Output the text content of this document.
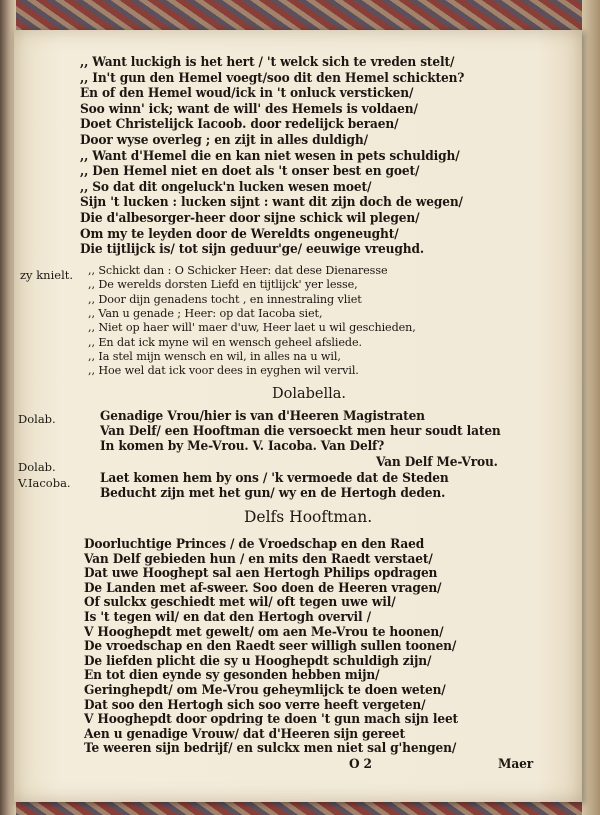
,, Want luckigh is het hert / 't welck sich te vreden stelt/
,, In't gun den Hemel voegt/soo dit den Hemel schickten?
En of den Hemel woud/ick in 't onluck versticken/
Soo winn' ick; want de will' des Hemels is voldaen/
Doet Christelijck Iacoob. door redelijck beraen/
Door wyse overleg ; en zijt in alles duldigh/
,, Want d'Hemel die en kan niet wesen in pets schuldigh/
,, Den Hemel niet en doet als 't onser best en goet/
,, So dat dit ongeluck'n lucken wesen moet/
Sijn 't lucken : lucken sijnt : want dit zijn doch de wegen/
Die d'albesorger-heer door sijne schick wil plegen/
Om my te leyden door de Wereldts ongeneught/
Die tijtlijck is/ tot sijn geduur'ge/ eeuwige vreughd.
zy knielt. ,, Schickt dan : O Schicker Heer: dat dese Dienaresse
,, De werelds dorsten Liefd en tijtlijck' yer lesse,
,, Door dijn genadens tocht , en innestraling vliet
,, Van u genade ; Heer: op dat Iacoba siet,
,, Niet op haer will' maer d'uw, Heer laet u wil geschieden,
,, En dat ick myne wil en wensch geheel afsliede.
,, Ia stel mijn wensch en wil, in alles na u wil,
,, Hoe wel dat ick voor dees in eyghen wil vervil.
Dolabella.
Dolab.	Genadige Vrou/hier is van d'Heeren Magistraten
Van Delf/ een Hooftman die versoeckt men heur soudt laten
In komen by Me-Vrou. V. Iacoba. Van Delf?
Van Delf Me-Vrou.
Dolab.
V.Iacoba. Laet komen hem by ons / 'k vermoede dat de Steden
Beducht zijn met het gun/ wy en de Hertogh deden.
Delfs Hooftman.
Doorluchtige Princes / de Vroedschap en den Raed
Van Delf gebieden hun / en mits den Raedt verstaet/
Dat uwe Hooghept sal aen Hertogh Philips opdragen
De Landen met af-sweer. Soo doen de Heeren vragen/
Of sulckx geschiedt met wil/ oft tegen uwe wil/
Is 't tegen wil/ en dat den Hertogh overvil /
V Hooghepdt met gewelt/ om aen Me-Vrou te hoonen/
De vroedschap en den Raedt seer willigh sullen toonen/
De liefden plicht die sy u Hooghepdt schuldigh zijn/
En tot dien eynde sy gesonden hebben mijn/
Geringhepdt/ om Me-Vrou geheymlijck te doen weten/
Dat soo den Hertogh sich soo verre heeft vergeten/
V Hooghepdt door opdring te doen 't gun mach sijn leet
Aen u genadige Vrouw/ dat d'Heeren sijn gereet
Te weeren sijn bedrijf/ en sulckx men niet sal g'hengen/
O 2	Maer
